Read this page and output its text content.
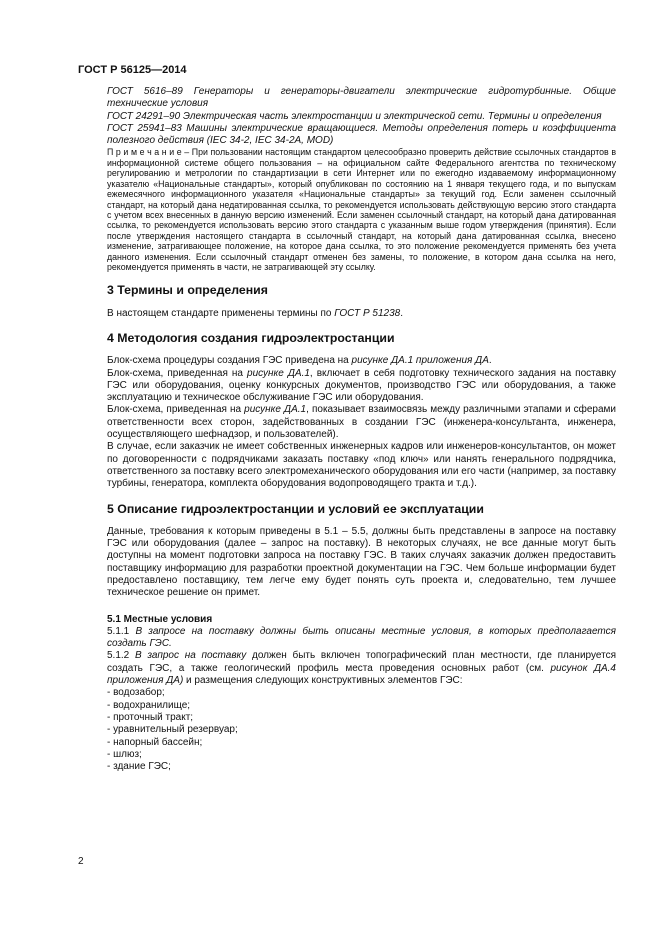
ГОСТ Р 56125—2014

ГОСТ 5616–89 Генераторы и генераторы-двигатели электрические гидротурбинные. Общие технические условия

ГОСТ 24291–90 Электрическая часть электростанции и электрической сети. Термины и определения

ГОСТ 25941–83 Машины электрические вращающиеся. Методы определения потерь и коэффициента полезного действия (IEC 34-2, IEC 34-2A, MOD)

П р и м е ч а н и е – При пользовании настоящим стандартом целесообразно проверить действие ссылочных стандартов в информационной системе общего пользования – на официальном сайте Федерального агентства по техническому регулированию и метрологии по стандартизации в сети Интернет или по ежегодно издаваемому информационному указателю «Национальные стандарты», который опубликован по состоянию на 1 января текущего года, и по выпускам ежемесячного информационного указателя «Национальные стандарты» за текущий год. Если заменен ссылочный стандарт, на который дана недатированная ссылка, то рекомендуется использовать действующую версию этого стандарта с учетом всех внесенных в данную версию изменений. Если заменен ссылочный стандарт, на который дана датированная ссылка, то рекомендуется использовать версию этого стандарта с указанным выше годом утверждения (принятия). Если после утверждения настоящего стандарта в ссылочный стандарт, на который дана датированная ссылка, внесено изменение, затрагивающее положение, на которое дана ссылка, то это положение рекомендуется применять без учета данного изменения. Если ссылочный стандарт отменен без замены, то положение, в котором дана ссылка на него, рекомендуется применять в части, не затрагивающей эту ссылку.

3 Термины и определения

В настоящем стандарте применены термины по ГОСТ Р 51238.

4 Методология создания гидроэлектростанции

Блок-схема процедуры создания ГЭС приведена на рисунке ДА.1 приложения ДА.

Блок-схема, приведенная на рисунке ДА.1, включает в себя подготовку технического задания на поставку ГЭС или оборудования, оценку конкурсных документов, производство ГЭС или оборудования, а также эксплуатацию и техническое обслуживание ГЭС или оборудования.

Блок-схема, приведенная на рисунке ДА.1, показывает взаимосвязь между различными этапами и сферами ответственности всех сторон, задействованных в создании ГЭС (инженера-консультанта, инженера, осуществляющего шефнадзор, и пользователей).

В случае, если заказчик не имеет собственных инженерных кадров или инженеров-консультантов, он может по договоренности с подрядчиками заказать поставку «под ключ» или нанять генерального подрядчика, ответственного за поставку всего электромеханического оборудования или его части (например, за поставку турбины, генератора, комплекта оборудования водопроводящего тракта и т.д.).

5 Описание гидроэлектростанции и условий ее эксплуатации

Данные, требования к которым приведены в 5.1 – 5.5, должны быть представлены в запросе на поставку ГЭС или оборудования (далее – запрос на поставку). В некоторых случаях, не все данные могут быть доступны на момент подготовки запроса на поставку ГЭС. В таких случаях заказчик должен предоставить поставщику информацию для разработки проектной документации на ГЭС. Чем больше информации будет предоставлено поставщику, тем легче ему будет понять суть проекта и, следовательно, тем лучшее техническое решение он примет.

5.1 Местные условия

5.1.1 В запросе на поставку должны быть описаны местные условия, в которых предполагается создать ГЭС.

5.1.2 В запрос на поставку должен быть включен топографический план местности, где планируется создать ГЭС, а также геологический профиль места проведения основных работ (см. рисунок ДА.4 приложения ДА) и размещения следующих конструктивных элементов ГЭС:

- водозабор;

- водохранилище;

- проточный тракт;

- уравнительный резервуар;

- напорный бассейн;

- шлюз;

- здание ГЭС;

2
